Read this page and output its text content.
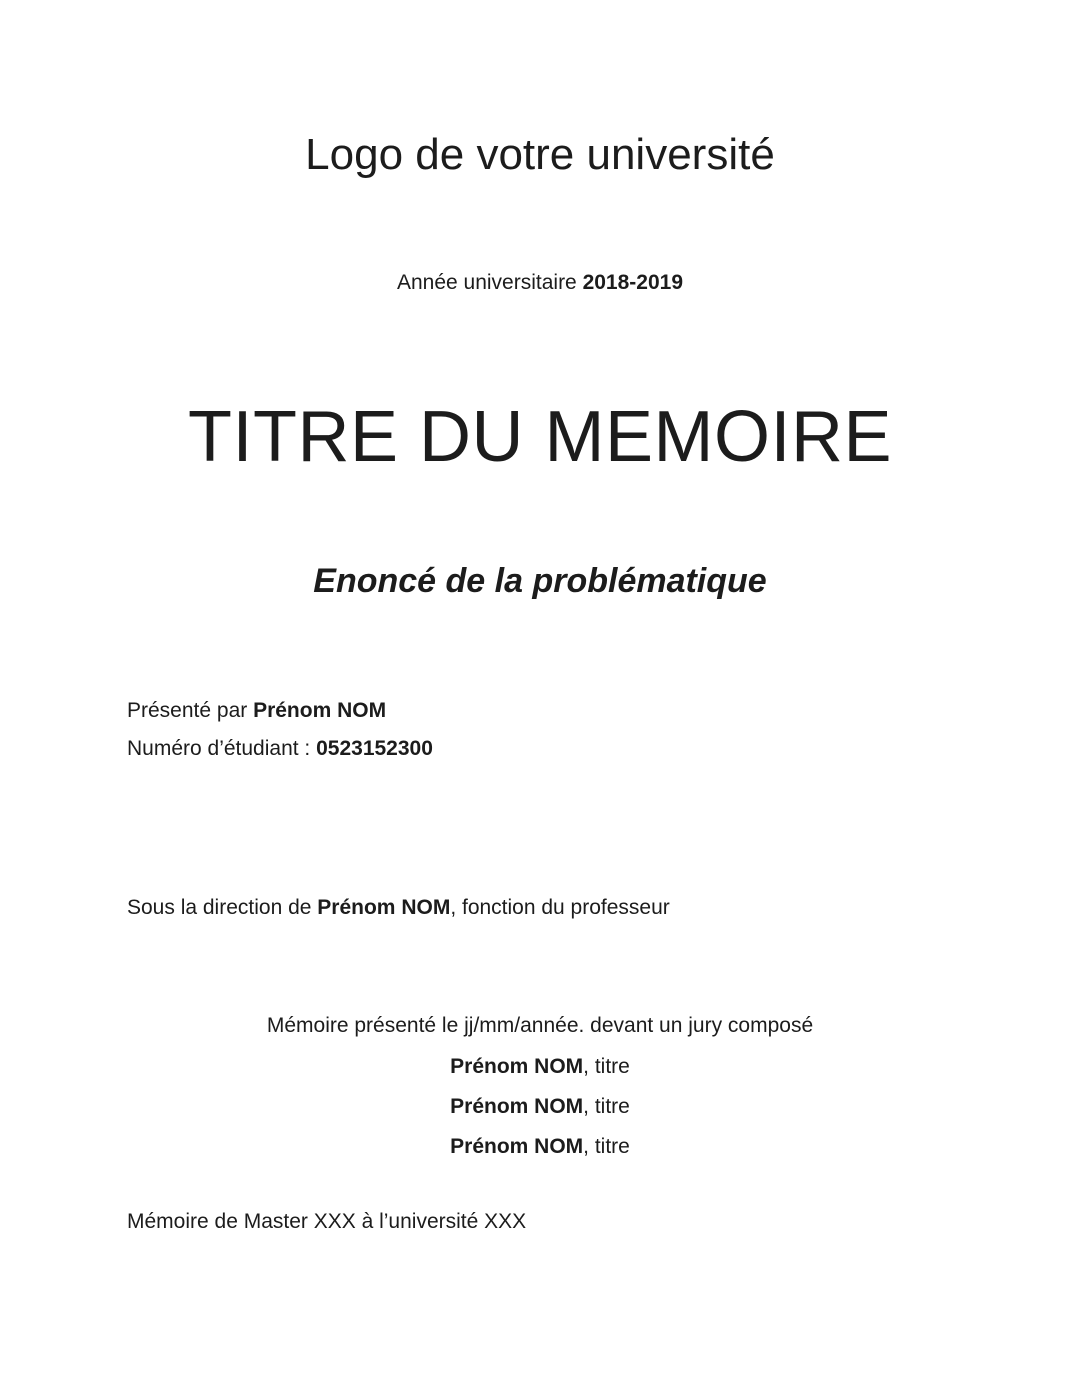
Logo de votre université
Année universitaire 2018-2019
TITRE DU MEMOIRE
Enoncé de la problématique
Présenté par Prénom NOM
Numéro d’étudiant : 0523152300
Sous la direction de Prénom NOM, fonction du professeur
Mémoire présenté le jj/mm/année. devant un jury composé
Prénom NOM, titre
Prénom NOM, titre
Prénom NOM, titre
Mémoire de Master XXX à l’université XXX
